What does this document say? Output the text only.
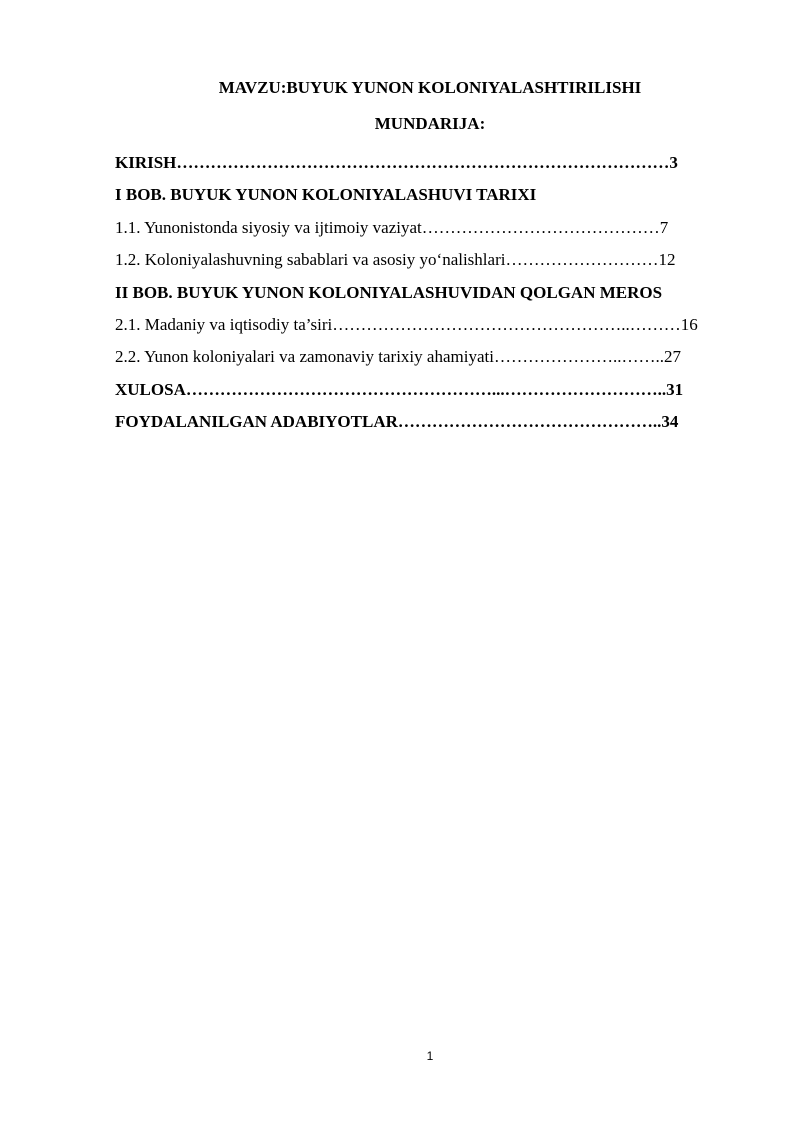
MAVZU:BUYUK YUNON KOLONIYALASHTIRILISHI
MUNDARIJA:
KIRISH……………………………………………………………………………3
I BOB. BUYUK YUNON KOLONIYALASHUVI TARIXI
1.1. Yunonistonda siyosiy va ijtimoiy vaziyat……………………………………7
1.2. Koloniyalashuvning sabablari va asosiy yo‘nalishlari………………………12
II BOB. BUYUK YUNON KOLONIYALASHUVIDAN QOLGAN MEROS
2.1. Madaniy va iqtisodiy ta’siri……………………………………………..………16
2.2. Yunon koloniyalari va zamonaviy tarixiy ahamiyati…………………..……..27
XULOSA………………………………………………...………………………..31
FOYDALANILGAN ADABIYOTLAR………………………………………..34
1
